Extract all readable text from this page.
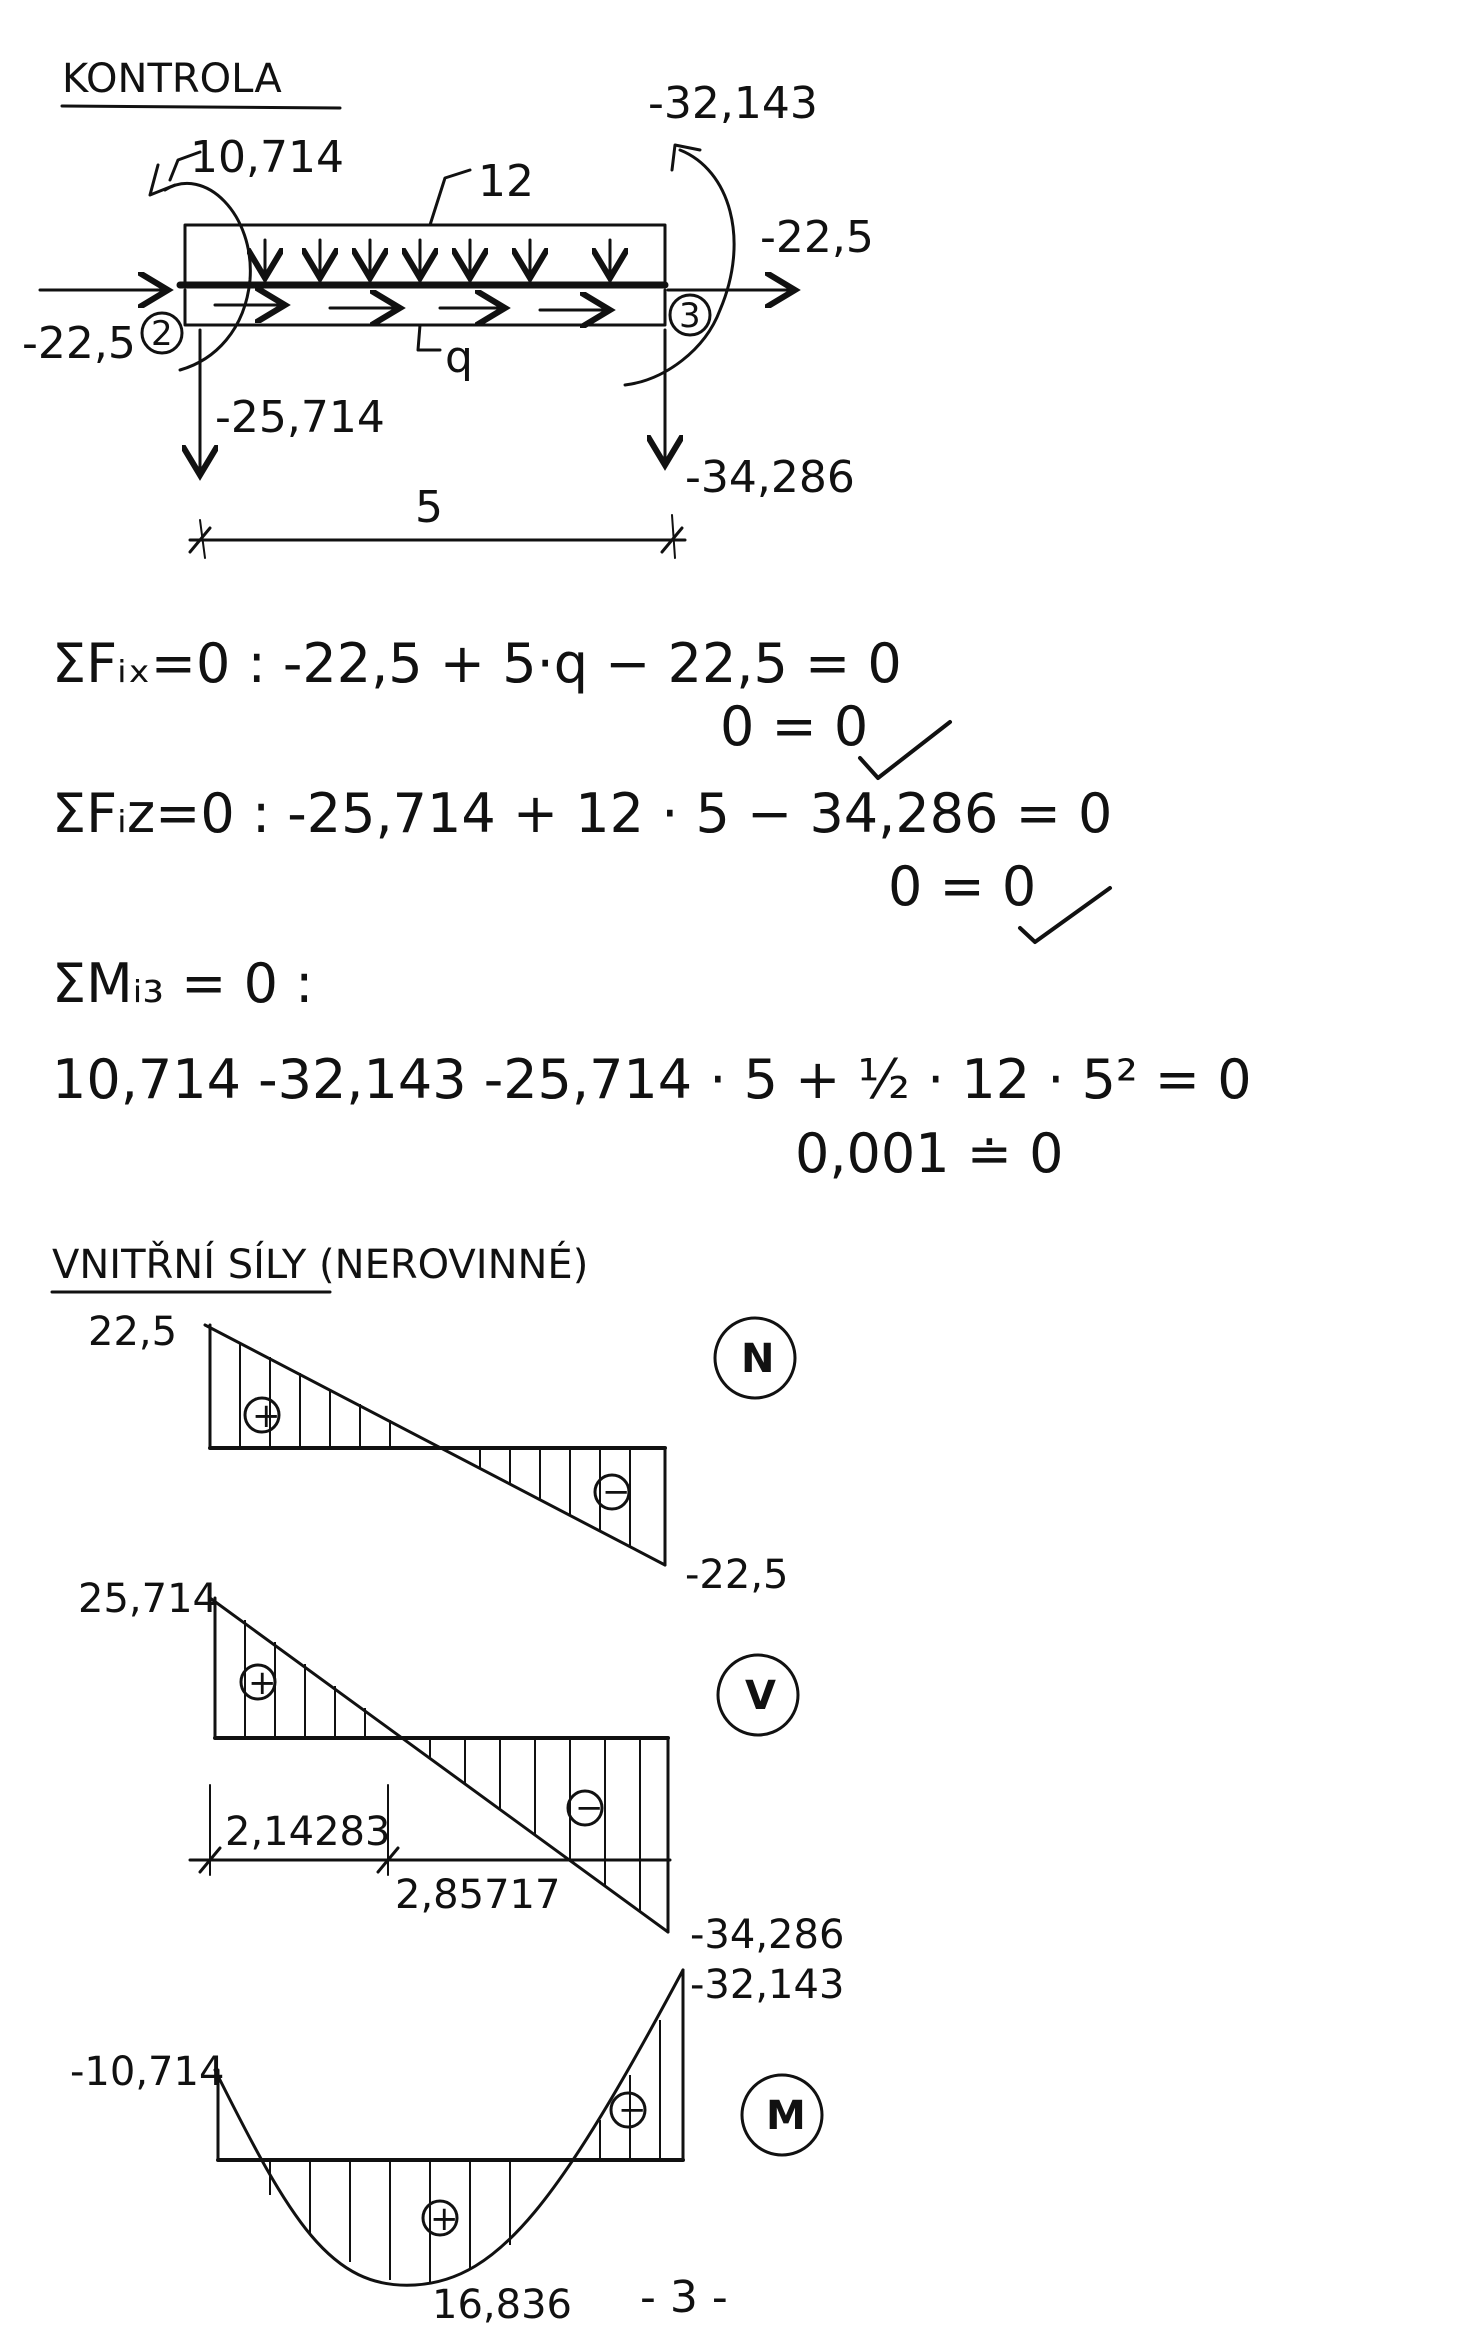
KONTROLA
12
q
2	3
-22,5
-22,5
10,714
-32,143
-25,714
-34,286
5
ΣFᵢₓ=0 : -22,5 + 5·q − 22,5 = 0
0 = 0
ΣFᵢz=0 : -25,714 + 12 · 5 − 34,286 = 0
0 = 0
ΣMᵢ₃ = 0 :
10,714 -32,143 -25,714 · 5 + ½ · 12 · 5² = 0
0,001 ≐ 0
VNITŘNÍ SÍLY (NEROVINNÉ)
+
−
22,5
-22,5
N
+
−
25,714
-34,286
2,14283
2,85717
V
+
−
-10,714
-32,143
16,836
M
- 3 -
